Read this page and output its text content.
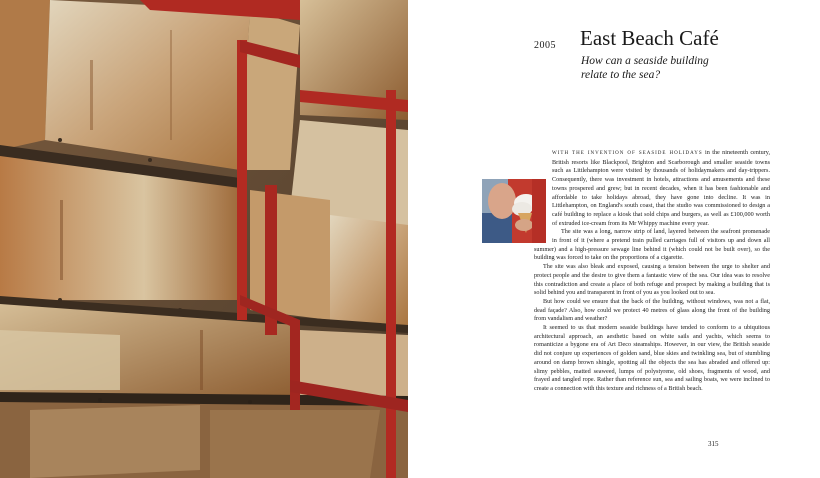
2005 East Beach Café
How can a seaside building relate to the sea?

WITH THE INVENTION OF SEASIDE HOLIDAYS in the nineteenth century, British resorts like Blackpool, Brighton and Scarborough and smaller seaside towns such as Littlehampton were visited by thousands of holidaymakers and day-trippers. Consequently, there was investment in hotels, attractions and amusements and these towns prospered and grew; but in recent decades, when it has been fashionable and affordable to take holidays abroad, they have gone into decline. It was in Littlehampton, on England's south coast, that the studio was commissioned to design a café building to replace a kiosk that sold chips and burgers, as well as £100,000 worth of extruded ice-cream from its Mr Whippy machine every year.

The site was a long, narrow strip of land, layered between the seafront promenade in front of it (where a pretend train pulled carriages full of visitors up and down all summer) and a high-pressure sewage line behind it (which could not be built over), so the building was forced to take on the proportions of a cigarette.

The site was also bleak and exposed, causing a tension between the urge to shelter and protect people and the desire to give them a fantastic view of the sea. Our idea was to resolve this contradiction and create a place of both refuge and prospect by making a building that is solid behind you and transparent in front of you as you looked out to sea.

But how could we ensure that the back of the building, without windows, was not a flat, dead façade? Also, how could we protect 40 metres of glass along the front of the building from vandalism and weather?

It seemed to us that modern seaside buildings have tended to conform to a ubiquitous architectural approach, an aesthetic based on white sails and yachts, which seems to romanticize a bygone era of Art Deco steamships. However, in our view, the British seaside did not conjure up experiences of golden sand, blue skies and twinkling sea, but of stumbling around on damp brown shingle, spotting all the objects the sea has abraded and offered up: slimy pebbles, matted seaweed, lumps of polystyrene, old shoes, fragments of wood, and frayed and tangled rope. Rather than reference sun, sea and sailing boats, we were inclined to create a connection with this texture and richness of a British beach.

315
